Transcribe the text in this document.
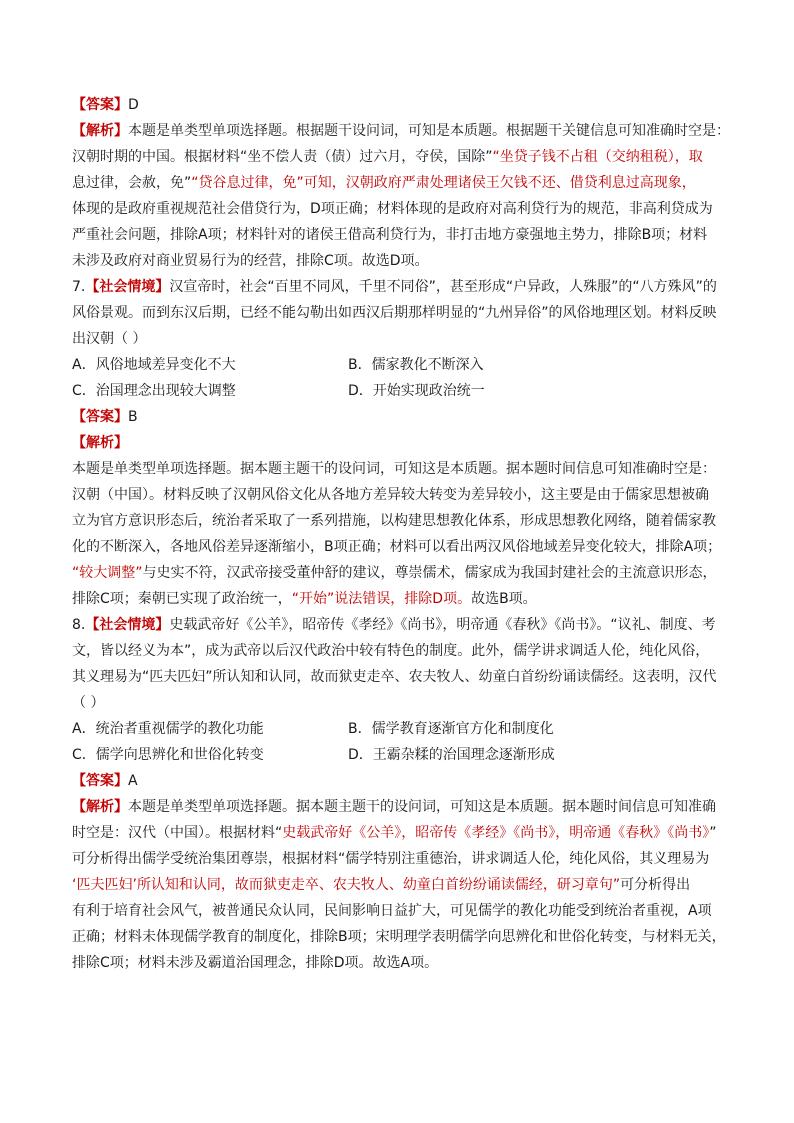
【答案】D
【解析】本题是单类型单项选择题。根据题干设问词，可知是本质题。根据题干关键信息可知准确时空是：
汉朝时期的中国。根据材料“坐不偿人责（债）过六月，夺侯，国除”“坐贷子钱不占租（交纳租税），取
息过律，会赦，免”“贷谷息过律，免”可知，汉朝政府严肃处理诸侯王欠钱不还、借贷利息过高现象，
体现的是政府重视规范社会借贷行为，D项正确；材料体现的是政府对高利贷行为的规范，非高利贷成为
严重社会问题，排除A项；材料针对的诸侯王借高利贷行为，非打击地方豪强地主势力，排除B项；材料
未涉及政府对商业贸易行为的经营，排除C项。故选D项。
7.【社会情境】汉宣帝时，社会“百里不同风，千里不同俗”，甚至形成“户异政，人殊服”的“八方殊风”的
风俗景观。而到东汉后期，已经不能勾勒出如西汉后期那样明显的“九州异俗”的风俗地理区划。材料反映
出汉朝（ ）
A．风俗地域差异变化不大	B．儒家教化不断深入
C．治国理念出现较大调整	D．开始实现政治统一
【答案】B
【解析】
本题是单类型单项选择题。据本题主题干的设问词，可知这是本质题。据本题时间信息可知准确时空是：
汉朝（中国）。材料反映了汉朝风俗文化从各地方差异较大转变为差异较小，这主要是由于儒家思想被确
立为官方意识形态后，统治者采取了一系列措施，以构建思想教化体系，形成思想教化网络，随着儒家教
化的不断深入，各地风俗差异逐渐缩小，B项正确；材料可以看出两汉风俗地域差异变化较大，排除A项；
“较大调整”与史实不符，汉武帝接受董仲舒的建议，尊崇儒术，儒家成为我国封建社会的主流意识形态，
排除C项；秦朝已实现了政治统一，“开始”说法错误，排除D项。故选B项。
8.【社会情境】史载武帝好《公羊》，昭帝传《孝经》《尚书》，明帝通《春秋》《尚书》。“议礼、制度、考
文，皆以经义为本”，成为武帝以后汉代政治中较有特色的制度。此外，儒学讲求调适人伦，纯化风俗，
其义理易为“匹夫匹妇”所认知和认同，故而狱吏走卒、农夫牧人、幼童白首纷纷诵读儒经。这表明，汉代
（ ）
A．统治者重视儒学的教化功能	B．儒学教育逐渐官方化和制度化
C．儒学向思辨化和世俗化转变	D．王霸杂糅的治国理念逐渐形成
【答案】A
【解析】本题是单类型单项选择题。据本题主题干的设问词，可知这是本质题。据本题时间信息可知准确
时空是：汉代（中国）。根据材料“史载武帝好《公羊》，昭帝传《孝经》《尚书》，明帝通《春秋》《尚书》”
可分析得出儒学受统治集团尊崇，根据材料“儒学特别注重德治，讲求调适人伦，纯化风俗，其义理易为
‘匹夫匹妇’所认知和认同，故而狱吏走卒、农夫牧人、幼童白首纷纷诵读儒经，研习章句”可分析得出
有利于培育社会风气，被普通民众认同，民间影响日益扩大，可见儒学的教化功能受到统治者重视，A项
正确；材料未体现儒学教育的制度化，排除B项；宋明理学表明儒学向思辨化和世俗化转变，与材料无关，
排除C项；材料未涉及霸道治国理念，排除D项。故选A项。
